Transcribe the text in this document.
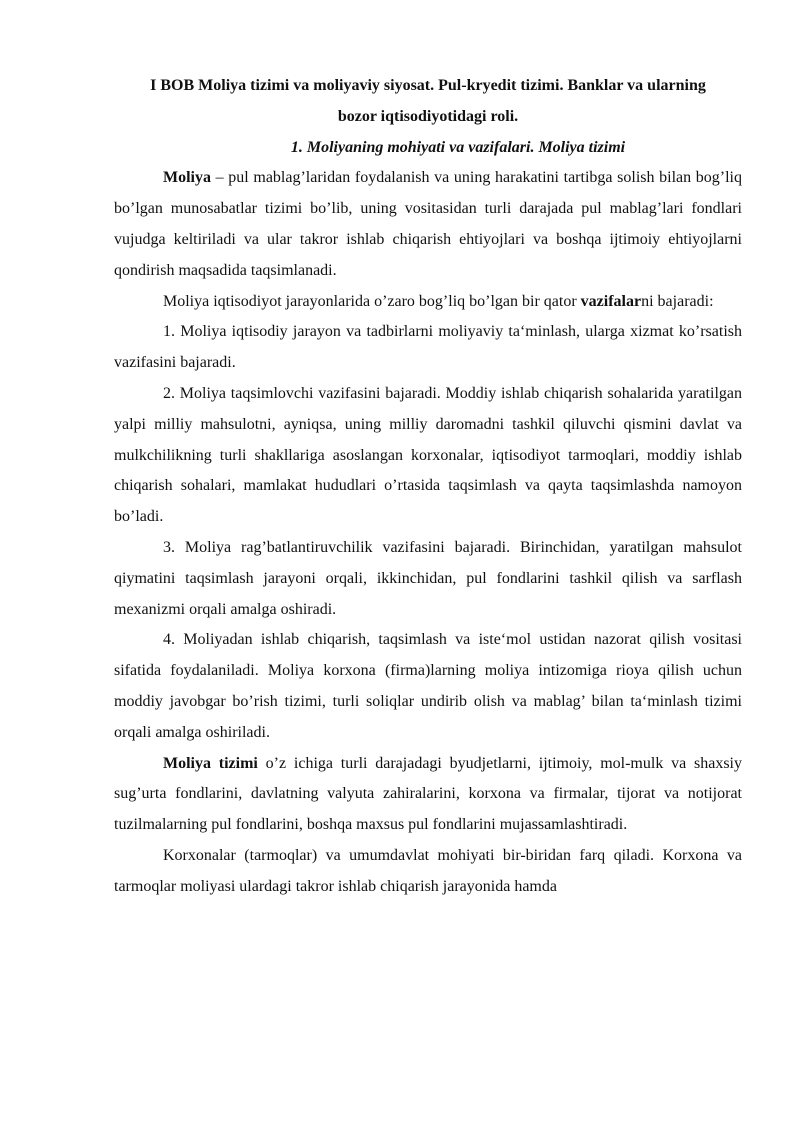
I BOB Moliya tizimi va moliyaviy siyosat. Pul-kryedit tizimi. Banklar va ularning bozor iqtisodiyotidagi roli.
1. Moliyaning mohiyati va vazifalari. Moliya tizimi

Moliya – pul mablag’laridan foydalanish va uning harakatini tartibga solish bilan bog’liq bo’lgan munosabatlar tizimi bo’lib, uning vositasidan turli darajada pul mablag’lari fondlari vujudga keltiriladi va ular takror ishlab chiqarish ehtiyojlari va boshqa ijtimoiy ehtiyojlarni qondirish maqsadida taqsimlanadi.

Moliya iqtisodiyot jarayonlarida o’zaro bog’liq bo’lgan bir qator vazifalarni bajaradi:

1. Moliya iqtisodiy jarayon va tadbirlarni moliyaviy ta‘minlash, ularga xizmat ko’rsatish vazifasini bajaradi.

2. Moliya taqsimlovchi vazifasini bajaradi. Moddiy ishlab chiqarish sohalarida yaratilgan yalpi milliy mahsulotni, ayniqsa, uning milliy daromadni tashkil qiluvchi qismini davlat va mulkchilikning turli shakllariga asoslangan korxonalar, iqtisodiyot tarmoqlari, moddiy ishlab chiqarish sohalari, mamlakat hududlari o’rtasida taqsimlash va qayta taqsimlashda namoyon bo’ladi.

3. Moliya rag’batlantiruvchilik vazifasini bajaradi. Birinchidan, yaratilgan mahsulot qiymatini taqsimlash jarayoni orqali, ikkinchidan, pul fondlarini tashkil qilish va sarflash mexanizmi orqali amalga oshiradi.

4. Moliyadan ishlab chiqarish, taqsimlash va iste‘mol ustidan nazorat qilish vositasi sifatida foydalaniladi. Moliya korxona (firma)larning moliya intizomiga rioya qilish uchun moddiy javobgar bo’rish tizimi, turli soliqlar undirib olish va mablag’ bilan ta‘minlash tizimi orqali amalga oshiriladi.

Moliya tizimi o’z ichiga turli darajadagi byudjetlarni, ijtimoiy, mol-mulk va shaxsiy sug’urta fondlarini, davlatning valyuta zahiralarini, korxona va firmalar, tijorat va notijorat tuzilmalarning pul fondlarini, boshqa maxsus pul fondlarini mujassamlashtiradi.

Korxonalar (tarmoqlar) va umumdavlat mohiyati bir-biridan farq qiladi. Korxona va tarmoqlar moliyasi ulardagi takror ishlab chiqarish jarayonida hamda
